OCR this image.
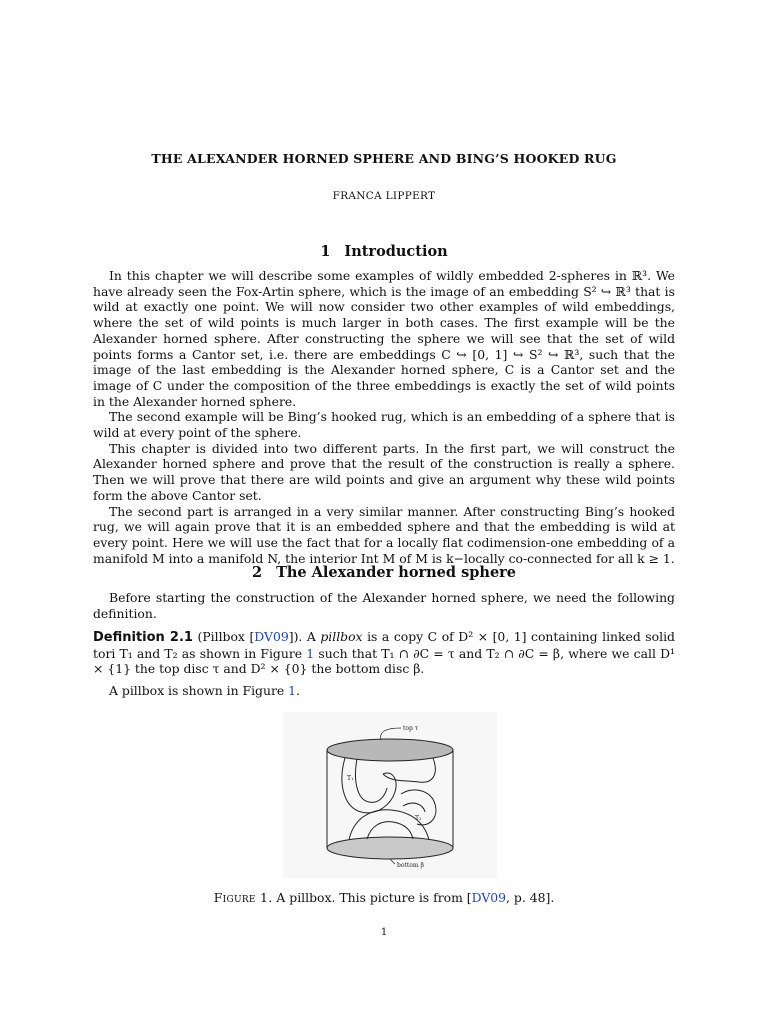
THE ALEXANDER HORNED SPHERE AND BING’S HOOKED RUG
FRANCA LIPPERT
1 Introduction

In this chapter we will describe some examples of wildly embedded 2-spheres in ℝ³. We have already seen the Fox-Artin sphere, which is the image of an embedding S² ↪ ℝ³ that is wild at exactly one point. We will now consider two other examples of wild embeddings, where the set of wild points is much larger in both cases. The first example will be the Alexander horned sphere. After constructing the sphere we will see that the set of wild points forms a Cantor set, i.e. there are embeddings C ↪ [0, 1] ↪ S² ↪ ℝ³, such that the image of the last embedding is the Alexander horned sphere, C is a Cantor set and the image of C under the composition of the three embeddings is exactly the set of wild points in the Alexander horned sphere.

The second example will be Bing’s hooked rug, which is an embedding of a sphere that is wild at every point of the sphere.

This chapter is divided into two different parts. In the first part, we will construct the Alexander horned sphere and prove that the result of the construction is really a sphere. Then we will prove that there are wild points and give an argument why these wild points form the above Cantor set.

The second part is arranged in a very similar manner. After constructing Bing’s hooked rug, we will again prove that it is an embedded sphere and that the embedding is wild at every point. Here we will use the fact that for a locally flat codimension-one embedding of a manifold M into a manifold N, the interior Int M of M is k−locally co-connected for all k ≥ 1.

2 The Alexander horned sphere

Before starting the construction of the Alexander horned sphere, we need the following definition.

Definition 2.1 (Pillbox [DV09]). A pillbox is a copy C of D² × [0, 1] containing linked solid tori T₁ and T₂ as shown in Figure 1 such that T₁ ∩ ∂C = τ and T₂ ∩ ∂C = β, where we call D¹ × {1} the top disc τ and D² × {0} the bottom disc β.
A pillbox is shown in Figure 1.
top τ
T₁
T₂
bottom β
Figure 1. A pillbox. This picture is from [DV09, p. 48].
1
